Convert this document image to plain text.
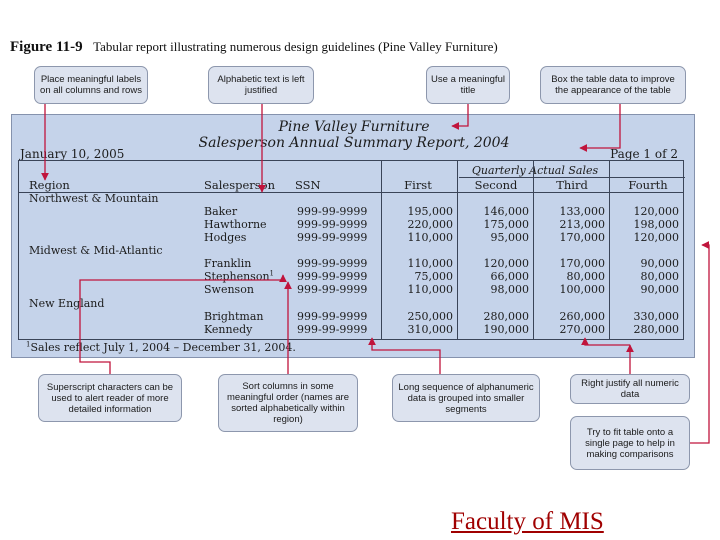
Figure 11-9 Tabular report illustrating numerous design guidelines (Pine Valley Furniture)
Place meaningful labels on all columns and rows
Alphabetic text is left justified
Use a meaningful title
Box the table data to improve the appearance of the table
Pine Valley Furniture
Salesperson Annual Summary Report, 2004
January 10, 2005	Page 1 of 2
Quarterly Actual Sales
Region	Salesperson SSN	First	Second	Third	Fourth
Northwest & Mountain
Baker	999-99-9999	195,000	146,000	133,000	120,000
Hawthorne	999-99-9999	220,000	175,000	213,000	198,000
Hodges	999-99-9999	110,000	95,000	170,000	120,000
Midwest & Mid-Atlantic
Franklin	999-99-9999	110,000	120,000	170,000	90,000
Stephenson$^1$ 999-99-9999	75,000	66,000	80,000	80,000
Swenson	999-99-9999	110,000	98,000	100,000	90,000
New England
Brightman	999-99-9999	250,000	280,000	260,000	330,000
Kennedy	999-99-9999	310,000	190,000	270,000	280,000
$^1$Sales reflect July 1, 2004 – December 31, 2004.
Superscript characters can be used to alert reader of more detailed information
Sort columns in some meaningful order (names are sorted alphabetically within region)
Long sequence of alphanumeric data is grouped into smaller segments
Right justify all numeric data
Try to fit table onto a single page to help in making comparisons
Faculty of MIS
